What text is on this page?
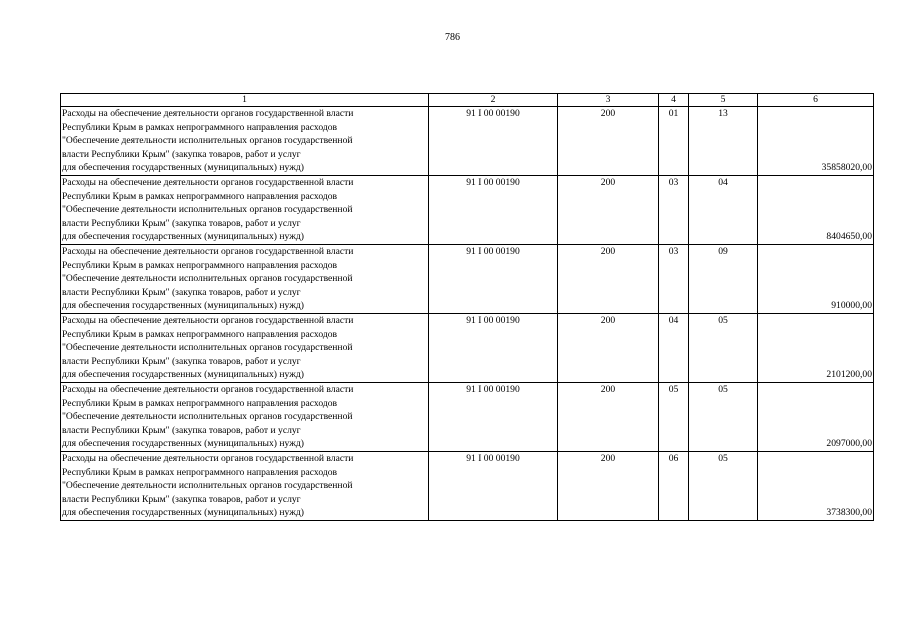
786
1	2	3	4	5	6

Расходы на обеспечение деятельности органов государственной власти
Республики Крым в рамках непрограммного направления расходов
"Обеспечение деятельности исполнительных органов государственной
власти Республики Крым" (закупка товаров, работ и услуг
для обеспечения государственных (муниципальных) нужд)	91 I 00 00190	200	01	13	35858020,00

Расходы на обеспечение деятельности органов государственной власти
Республики Крым в рамках непрограммного направления расходов
"Обеспечение деятельности исполнительных органов государственной
власти Республики Крым" (закупка товаров, работ и услуг
для обеспечения государственных (муниципальных) нужд)	91 I 00 00190	200	03	04	8404650,00

Расходы на обеспечение деятельности органов государственной власти
Республики Крым в рамках непрограммного направления расходов
"Обеспечение деятельности исполнительных органов государственной
власти Республики Крым" (закупка товаров, работ и услуг
для обеспечения государственных (муниципальных) нужд)	91 I 00 00190	200	03	09	910000,00

Расходы на обеспечение деятельности органов государственной власти
Республики Крым в рамках непрограммного направления расходов
"Обеспечение деятельности исполнительных органов государственной
власти Республики Крым" (закупка товаров, работ и услуг
для обеспечения государственных (муниципальных) нужд)	91 I 00 00190	200	04	05	2101200,00

Расходы на обеспечение деятельности органов государственной власти
Республики Крым в рамках непрограммного направления расходов
"Обеспечение деятельности исполнительных органов государственной
власти Республики Крым" (закупка товаров, работ и услуг
для обеспечения государственных (муниципальных) нужд)	91 I 00 00190	200	05	05	2097000,00

Расходы на обеспечение деятельности органов государственной власти
Республики Крым в рамках непрограммного направления расходов
"Обеспечение деятельности исполнительных органов государственной
власти Республики Крым" (закупка товаров, работ и услуг
для обеспечения государственных (муниципальных) нужд)	91 I 00 00190	200	06	05	3738300,00
